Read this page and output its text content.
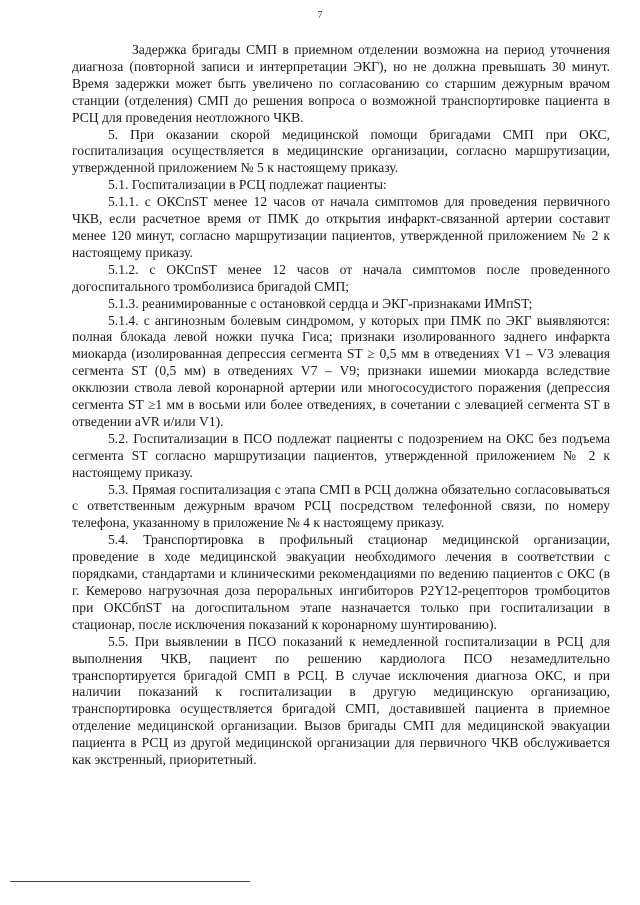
7

Задержка бригады СМП в приемном отделении возможна на период уточнения диагноза (повторной записи и интерпретации ЭКГ), но не должна превышать 30 минут. Время задержки может быть увеличено по согласованию со старшим дежурным врачом станции (отделения) СМП до решения вопроса о возможной транспортировке пациента в РСЦ для проведения неотложного ЧКВ.

5. При оказании скорой медицинской помощи бригадами СМП при ОКС, госпитализация осуществляется в медицинские организации, согласно маршрутизации, утвержденной приложением № 5 к настоящему приказу.

5.1. Госпитализации в РСЦ подлежат пациенты:

5.1.1. с ОКСпST менее 12 часов от начала симптомов для проведения первичного ЧКВ, если расчетное время от ПМК до открытия инфаркт-связанной артерии составит менее 120 минут, согласно маршрутизации пациентов, утвержденной приложением № 2 к настоящему приказу.

5.1.2. с ОКСпST менее 12 часов от начала симптомов после проведенного догоспитального тромболизиса бригадой СМП;

5.1.3. реанимированные с остановкой сердца и ЭКГ-признаками ИМпST;

5.1.4. с ангинозным болевым синдромом, у которых при ПМК по ЭКГ выявляются: полная блокада левой ножки пучка Гиса; признаки изолированного заднего инфаркта миокарда (изолированная депрессия сегмента ST ≥ 0,5 мм в отведениях V1 – V3 элевация сегмента ST (0,5 мм) в отведениях V7 – V9; признаки ишемии миокарда вследствие окклюзии ствола левой коронарной артерии или многососудистого поражения (депрессия сегмента ST ≥1 мм в восьми или более отведениях, в сочетании с элевацией сегмента ST в отведении aVR и/или V1).

5.2. Госпитализации в ПСО подлежат пациенты с подозрением на ОКС без подъема сегмента ST согласно маршрутизации пациентов, утвержденной приложением № 2 к настоящему приказу.

5.3. Прямая госпитализация с этапа СМП в РСЦ должна обязательно согласовываться с ответственным дежурным врачом РСЦ посредством телефонной связи, по номеру телефона, указанному в приложение № 4 к настоящему приказу.

5.4. Транспортировка в профильный стационар медицинской организации, проведение в ходе медицинской эвакуации необходимого лечения в соответствии с порядками, стандартами и клиническими рекомендациями по ведению пациентов с ОКС (в г. Кемерово нагрузочная доза пероральных ингибиторов P2Y12-рецепторов тромбоцитов при ОКСбпST на догоспитальном этапе назначается только при госпитализации в стационар, после исключения показаний к коронарному шунтированию).

5.5. При выявлении в ПСО показаний к немедленной госпитализации в РСЦ для выполнения ЧКВ, пациент по решению кардиолога ПСО незамедлительно транспортируется бригадой СМП в РСЦ. В случае исключения диагноза ОКС, и при наличии показаний к госпитализации в другую медицинскую организацию, транспортировка осуществляется бригадой СМП, доставившей пациента в приемное отделение медицинской организации. Вызов бригады СМП для медицинской эвакуации пациента в РСЦ из другой медицинской организации для первичного ЧКВ обслуживается как экстренный, приоритетный.
